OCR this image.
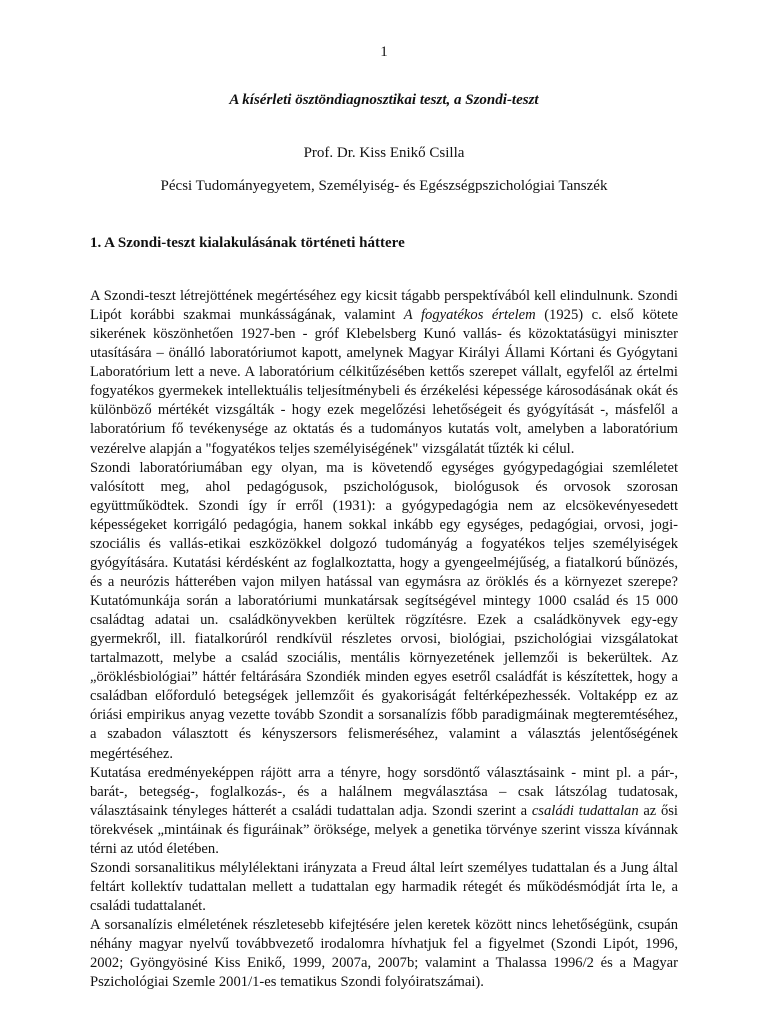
1
A kísérleti ösztöndiagnosztikai teszt, a Szondi-teszt
Prof. Dr. Kiss Enikő Csilla
Pécsi Tudományegyetem, Személyiség- és Egészségpszichológiai Tanszék
1. A Szondi-teszt kialakulásának történeti háttere

A Szondi-teszt létrejöttének megértéséhez egy kicsit tágabb perspektívából kell elindulnunk. Szondi Lipót korábbi szakmai munkásságának, valamint A fogyatékos értelem (1925) c. első kötete sikerének köszönhetően 1927-ben - gróf Klebelsberg Kunó vallás- és közoktatásügyi miniszter utasítására – önálló laboratóriumot kapott, amelynek Magyar Királyi Állami Kórtani és Gyógytani Laboratórium lett a neve. A laboratórium célkitűzésében kettős szerepet vállalt, egyfelől az értelmi fogyatékos gyermekek intellektuális teljesítménybeli és érzékelési képessége károsodásának okát és különböző mértékét vizsgálták - hogy ezek megelőzési lehetőségeit és gyógyítását -, másfelől a laboratórium fő tevékenysége az oktatás és a tudományos kutatás volt, amelyben a laboratórium vezérelve alapján a "fogyatékos teljes személyiségének" vizsgálatát tűzték ki célul.

Szondi laboratóriumában egy olyan, ma is követendő egységes gyógypedagógiai szemléletet valósított meg, ahol pedagógusok, pszichológusok, biológusok és orvosok szorosan együttműködtek. Szondi így ír erről (1931): a gyógypedagógia nem az elcsökevényesedett képességeket korrigáló pedagógia, hanem sokkal inkább egy egységes, pedagógiai, orvosi, jogi-szociális és vallás-etikai eszközökkel dolgozó tudományág a fogyatékos teljes személyiségek gyógyítására. Kutatási kérdésként az foglalkoztatta, hogy a gyengeelméjűség, a fiatalkorú bűnözés, és a neurózis hátterében vajon milyen hatással van egymásra az öröklés és a környezet szerepe? Kutatómunkája során a laboratóriumi munkatársak segítségével mintegy 1000 család és 15 000 családtag adatai un. családkönyvekben kerültek rögzítésre. Ezek a családkönyvek egy-egy gyermekről, ill. fiatalkorúról rendkívül részletes orvosi, biológiai, pszichológiai vizsgálatokat tartalmazott, melybe a család szociális, mentális környezetének jellemzői is bekerültek. Az „öröklésbiológiai” háttér feltárására Szondiék minden egyes esetről családfát is készítettek, hogy a családban előforduló betegségek jellemzőit és gyakoriságát feltérképezhessék. Voltaképp ez az óriási empirikus anyag vezette tovább Szondit a sorsanalízis főbb paradigmáinak megteremtéséhez, a szabadon választott és kényszersors felismeréséhez, valamint a választás jelentőségének megértéséhez.

Kutatása eredményeképpen rájött arra a tényre, hogy sorsdöntő választásaink - mint pl. a pár-, barát-, betegség-, foglalkozás-, és a halálnem megválasztása – csak látszólag tudatosak, választásaink tényleges hátterét a családi tudattalan adja. Szondi szerint a családi tudattalan az ősi törekvések „mintáinak és figuráinak” öröksége, melyek a genetika törvénye szerint vissza kívánnak térni az utód életében.

Szondi sorsanalitikus mélylélektani irányzata a Freud által leírt személyes tudattalan és a Jung által feltárt kollektív tudattalan mellett a tudattalan egy harmadik rétegét és működésmódját írta le, a családi tudattalanét.

A sorsanalízis elméletének részletesebb kifejtésére jelen keretek között nincs lehetőségünk, csupán néhány magyar nyelvű továbbvezető irodalomra hívhatjuk fel a figyelmet (Szondi Lipót, 1996, 2002; Gyöngyösiné Kiss Enikő, 1999, 2007a, 2007b; valamint a Thalassa 1996/2 és a Magyar Pszichológiai Szemle 2001/1-es tematikus Szondi folyóiratszámai).
